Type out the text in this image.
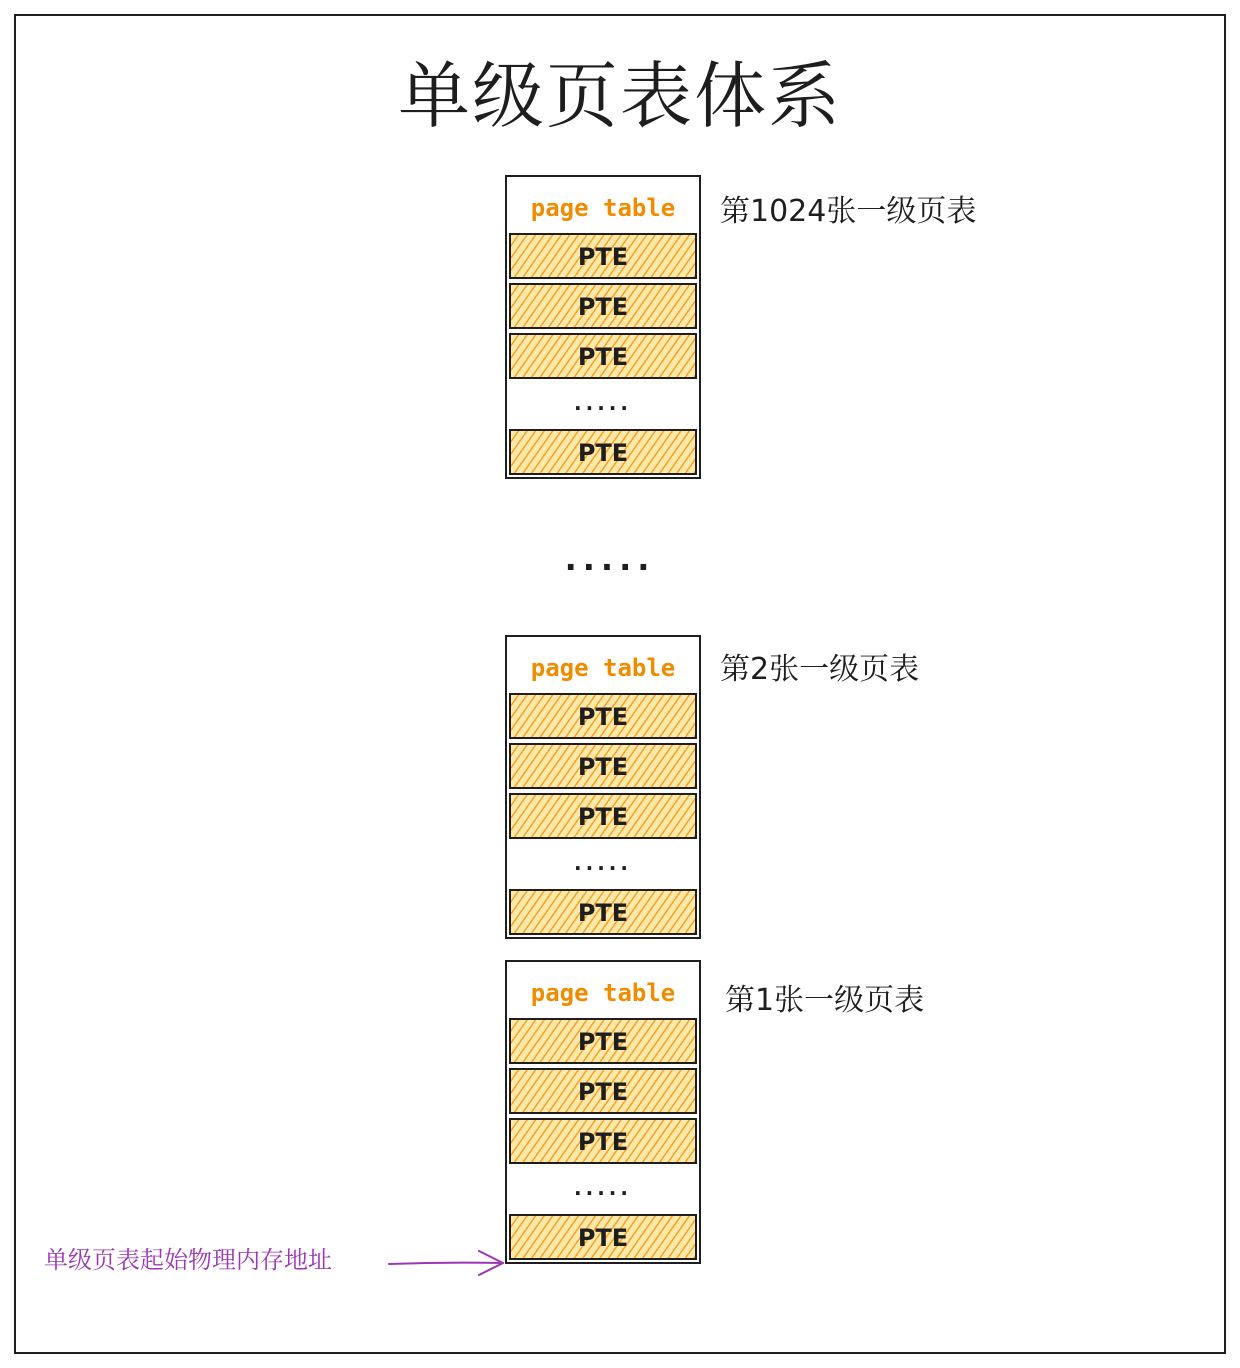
单级页表体系
page table
PTE
PTE
PTE
.....
PTE
第1024张一级页表
.....
page table
PTE
PTE
PTE
.....
PTE
第2张一级页表
page table
PTE
PTE
PTE
.....
PTE
第1张一级页表
单级页表起始物理内存地址
